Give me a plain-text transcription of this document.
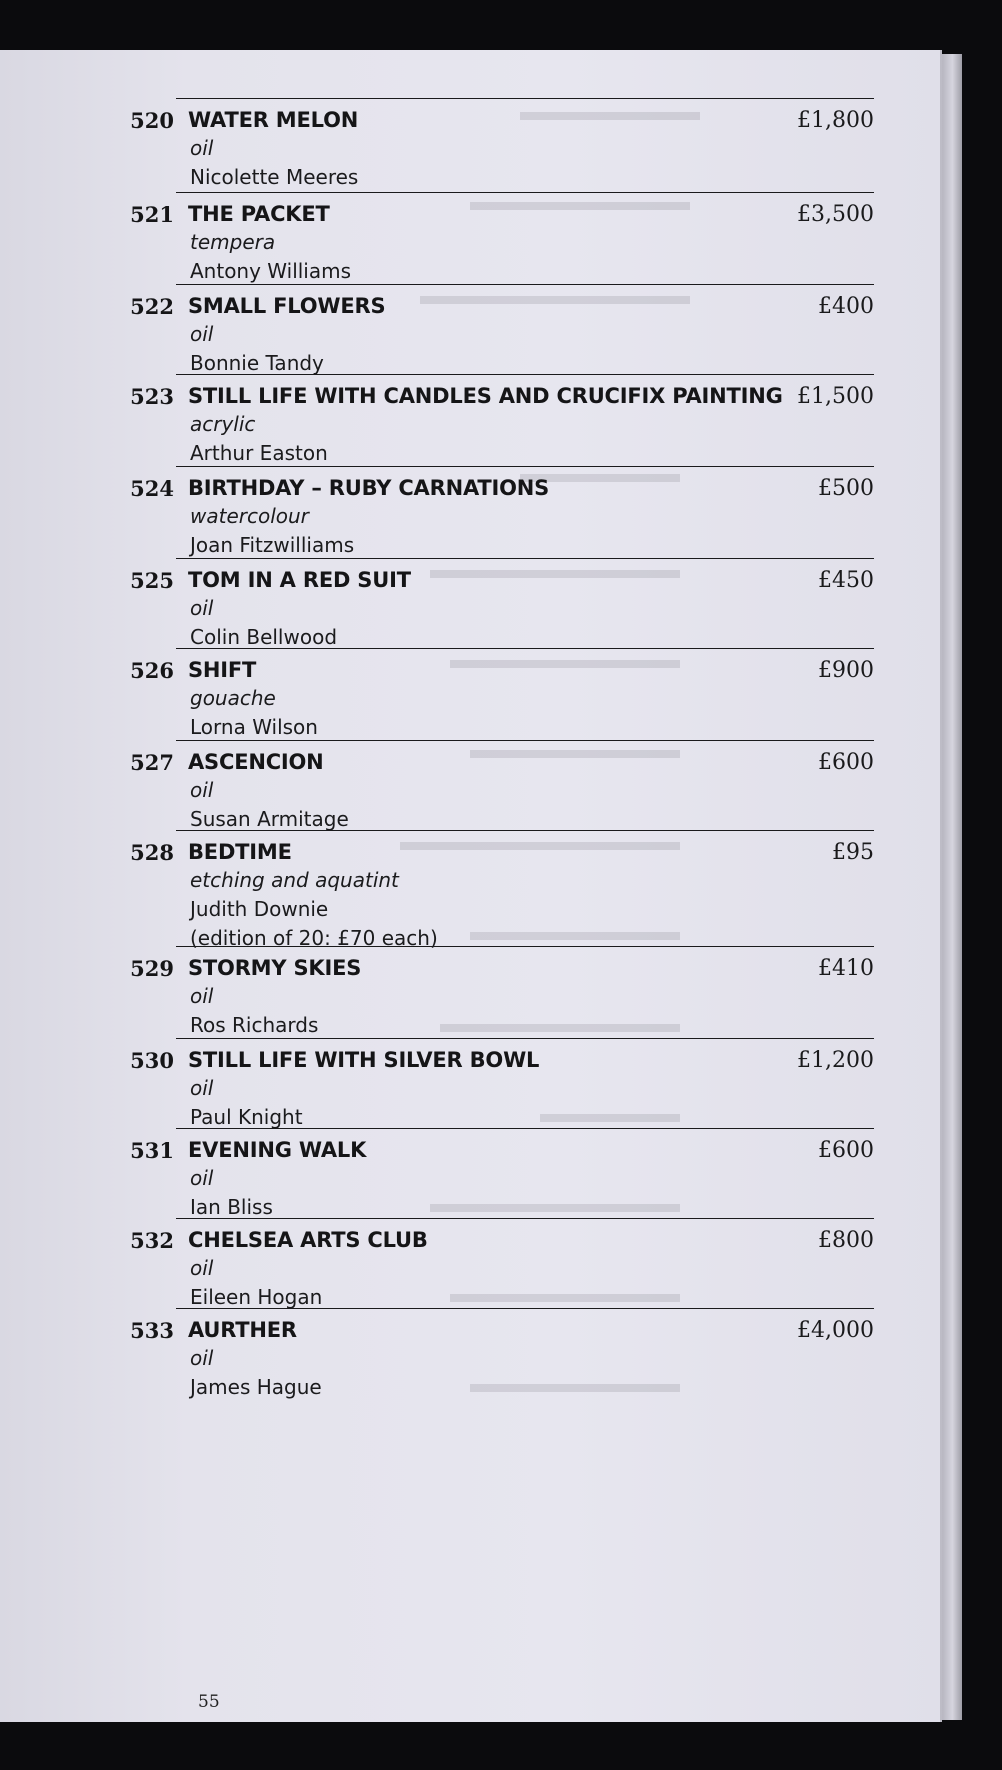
520 WATER MELON
oil
Nicolette Meeres
£1,800
521 THE PACKET
tempera
Antony Williams
£3,500
522 SMALL FLOWERS
oil
Bonnie Tandy
£400
523 STILL LIFE WITH CANDLES AND CRUCIFIX PAINTING
acrylic
Arthur Easton
£1,500
524 BIRTHDAY – RUBY CARNATIONS
watercolour
Joan Fitzwilliams
£500
525 TOM IN A RED SUIT
oil
Colin Bellwood
£450
526 SHIFT
gouache
Lorna Wilson
£900
527 ASCENCION
oil
Susan Armitage
£600
528 BEDTIME
etching and aquatint
Judith Downie
£95
(edition of 20: £70 each)
529 STORMY SKIES
oil
Ros Richards
£410
530 STILL LIFE WITH SILVER BOWL
oil
Paul Knight
£1,200
531 EVENING WALK
oil
Ian Bliss
£600
532 CHELSEA ARTS CLUB
oil
Eileen Hogan
£800
533 AURTHER
oil
James Hague
£4,000
55
